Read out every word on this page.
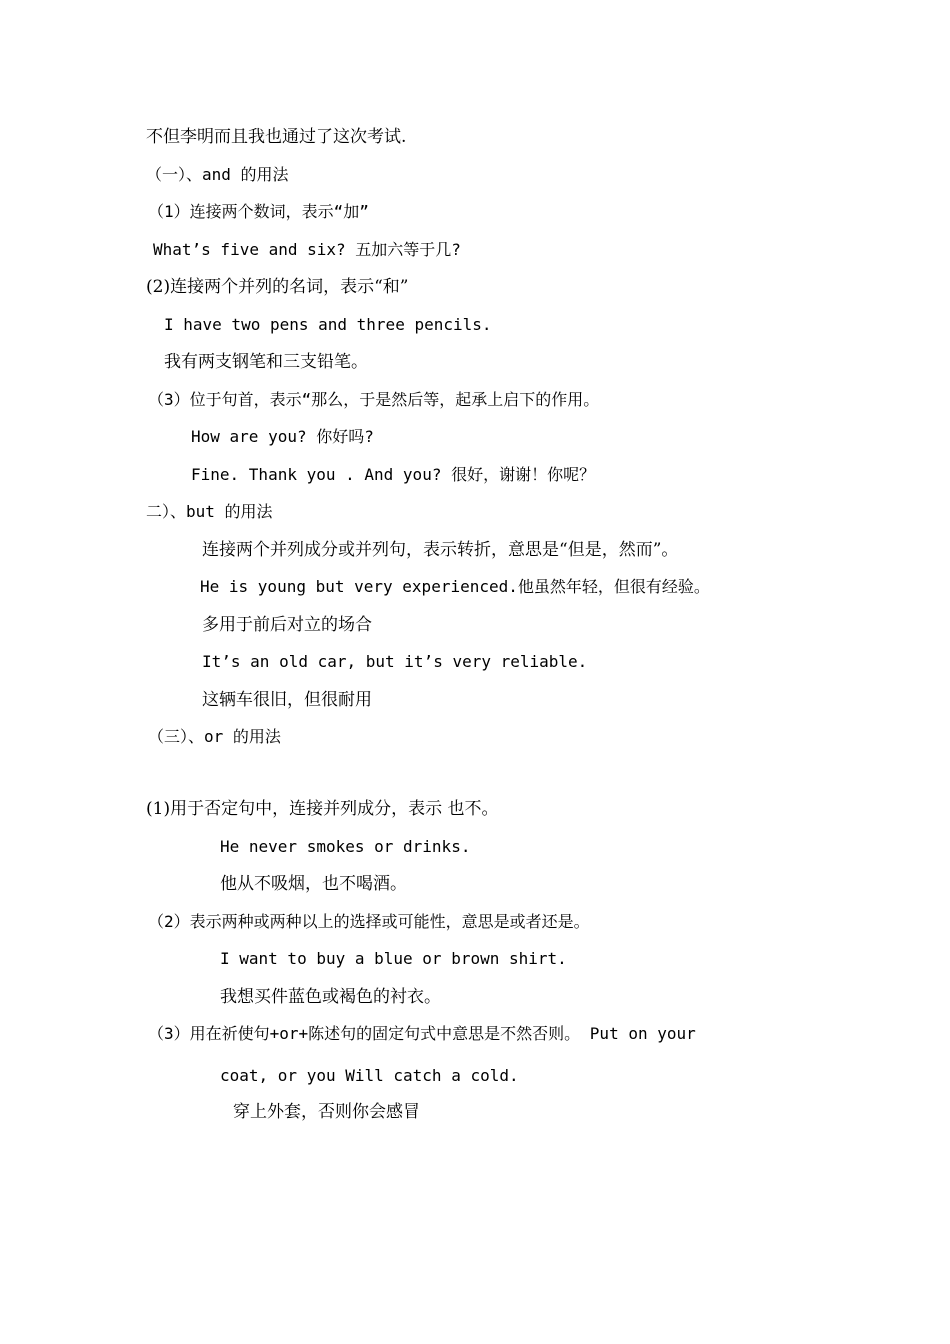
不但李明而且我也通过了这次考试.
（一）、and 的用法
（1）连接两个数词，表示“加”
What’s five and six? 五加六等于几?
(2)连接两个并列的名词，表示“和”
I have two pens and three pencils.
我有两支钢笔和三支铅笔。
（3）位于句首，表示“那么，于是然后等，起承上启下的作用。
How are you? 你好吗?
Fine. Thank you . And you? 很好，谢谢！你呢？
二）、but 的用法
连接两个并列成分或并列句，表示转折，意思是“但是，然而”。
He is young but very experienced.他虽然年轻，但很有经验。
多用于前后对立的场合
It’s an old car, but it’s very reliable.
这辆车很旧，但很耐用
（三）、or 的用法
(1)用于否定句中，连接并列成分，表示 也不。
He never smokes or drinks.
他从不吸烟，也不喝酒。
（2）表示两种或两种以上的选择或可能性，意思是或者还是。
I want to buy a blue or brown shirt.
我想买件蓝色或褐色的衬衣。
（3）用在祈使句+or+陈述句的固定句式中意思是不然否则。 Put on your
coat, or you Will catch a cold.
穿上外套，否则你会感冒
